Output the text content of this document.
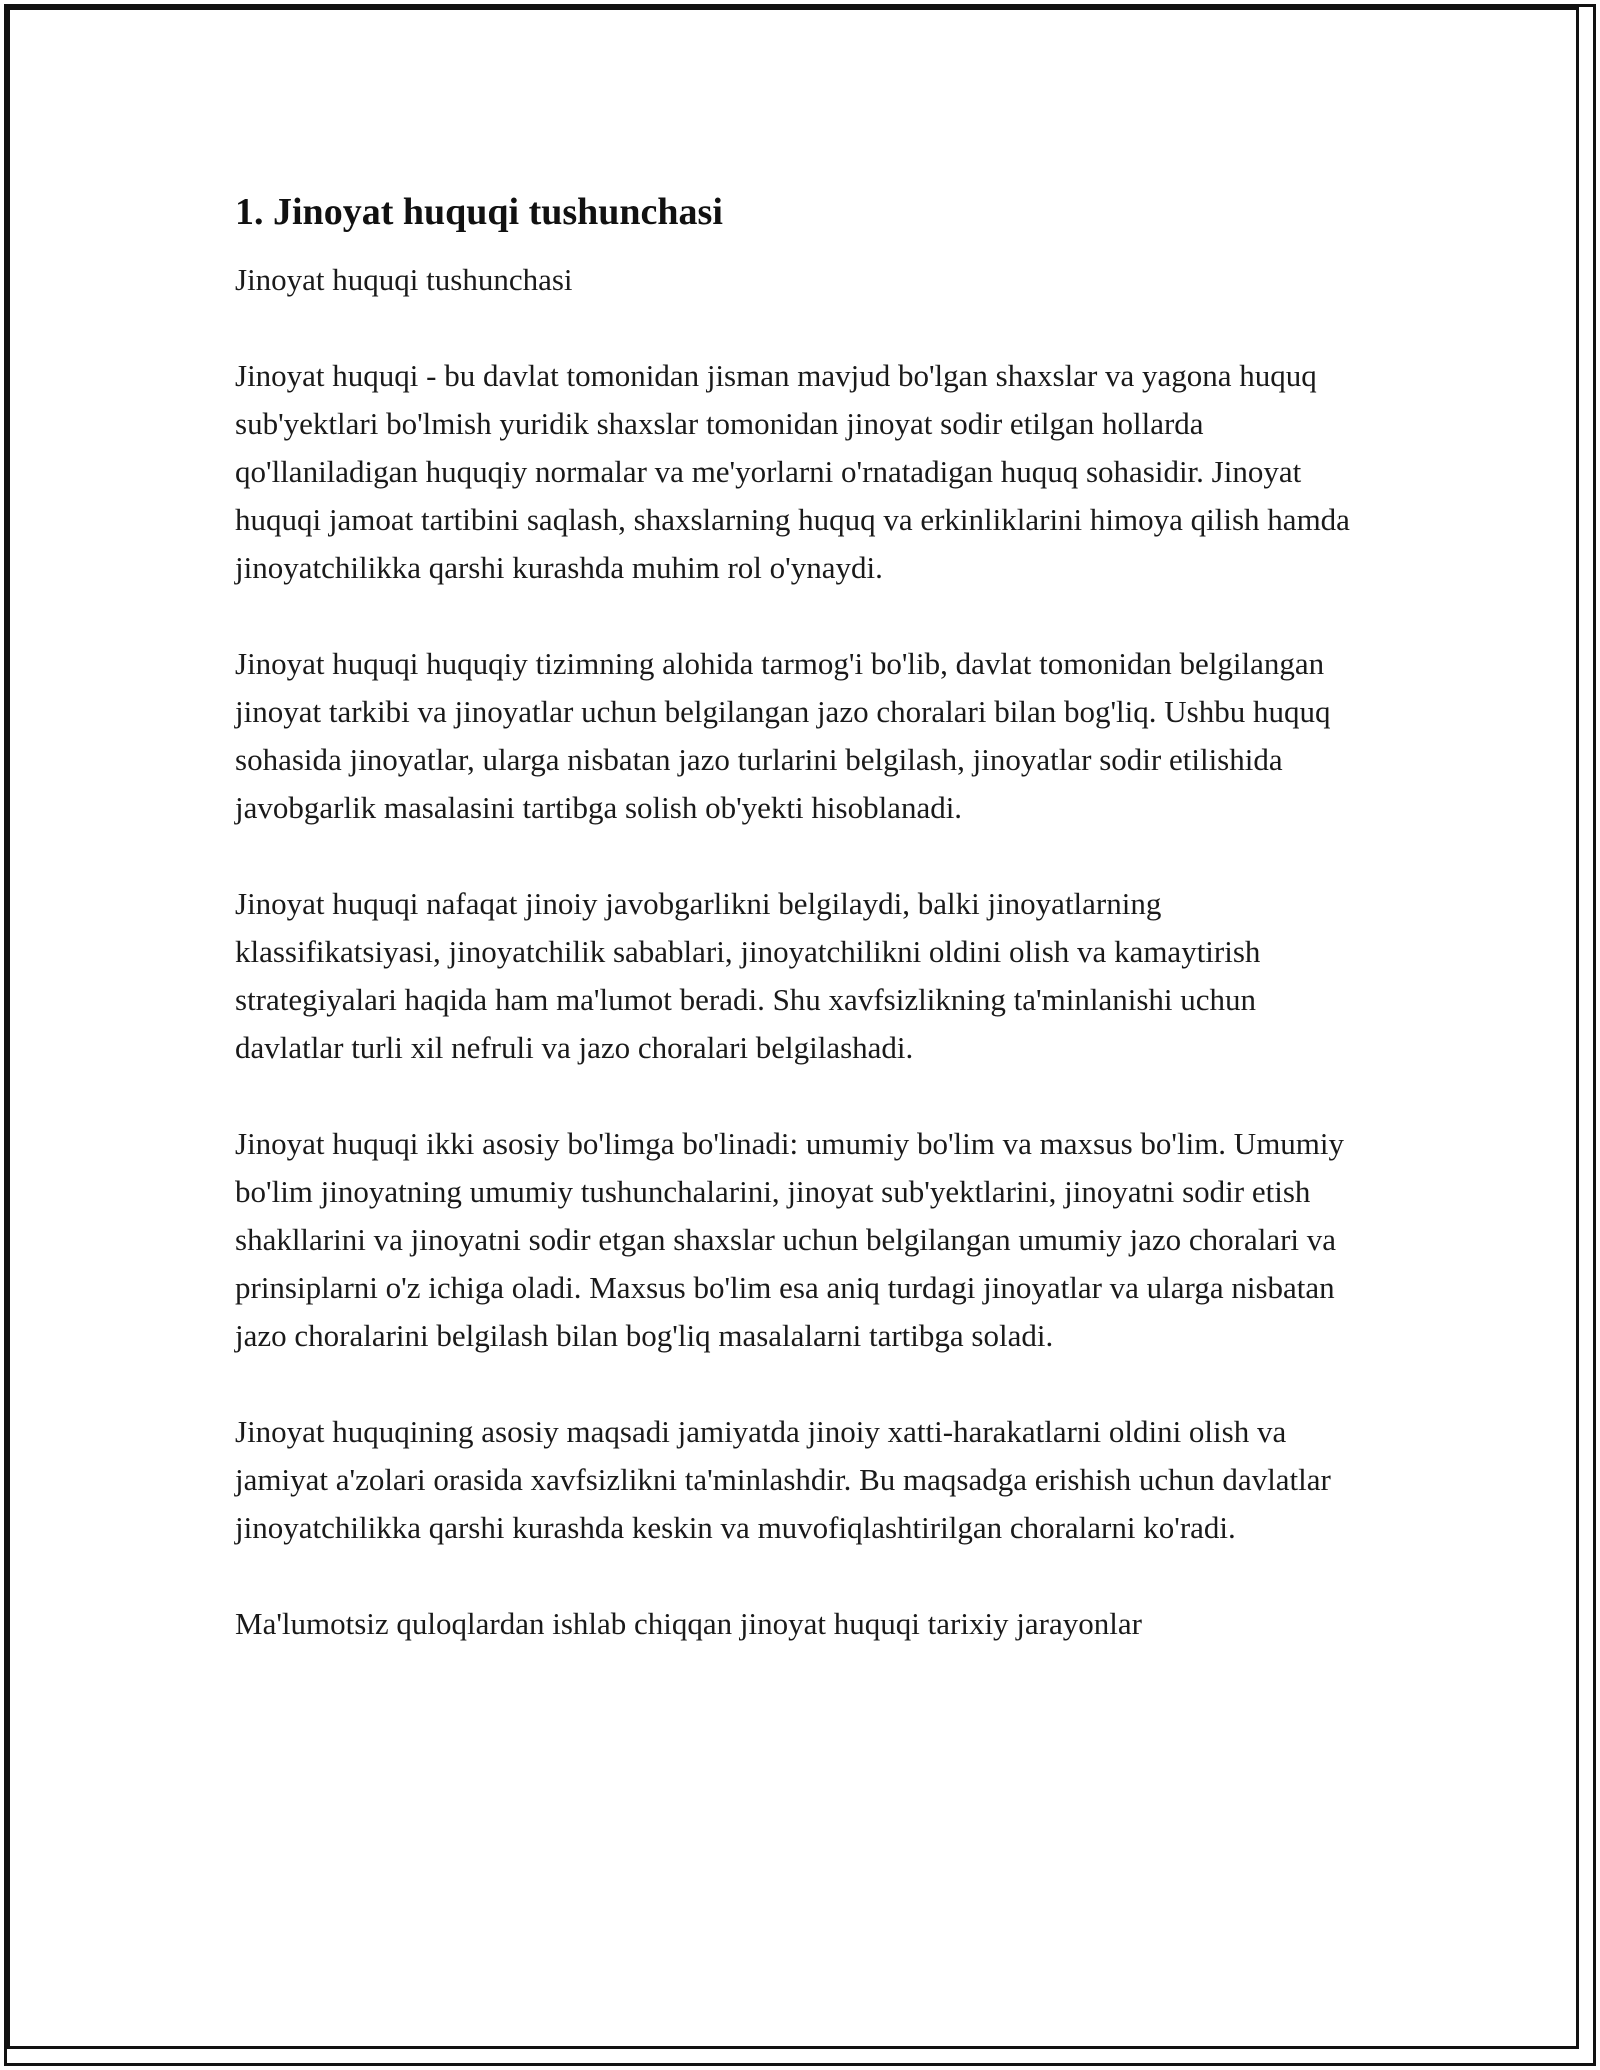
1. Jinoyat huquqi tushunchasi

Jinoyat huquqi tushunchasi

Jinoyat huquqi - bu davlat tomonidan jisman mavjud bo'lgan shaxslar va yagona huquq sub'yektlari bo'lmish yuridik shaxslar tomonidan jinoyat sodir etilgan hollarda qo'llaniladigan huquqiy normalar va me'yorlarni o'rnatadigan huquq sohasidir. Jinoyat huquqi jamoat tartibini saqlash, shaxslarning huquq va erkinliklarini himoya qilish hamda jinoyatchilikka qarshi kurashda muhim rol o'ynaydi.

Jinoyat huquqi huquqiy tizimning alohida tarmog'i bo'lib, davlat tomonidan belgilangan jinoyat tarkibi va jinoyatlar uchun belgilangan jazo choralari bilan bog'liq. Ushbu huquq sohasida jinoyatlar, ularga nisbatan jazo turlarini belgilash, jinoyatlar sodir etilishida javobgarlik masalasini tartibga solish ob'yekti hisoblanadi.

Jinoyat huquqi nafaqat jinoiy javobgarlikni belgilaydi, balki jinoyatlarning klassifikatsiyasi, jinoyatchilik sabablari, jinoyatchilikni oldini olish va kamaytirish strategiyalari haqida ham ma'lumot beradi. Shu xavfsizlikning ta'minlanishi uchun davlatlar turli xil nefruli va jazo choralari belgilashadi.

Jinoyat huquqi ikki asosiy bo'limga bo'linadi: umumiy bo'lim va maxsus bo'lim. Umumiy bo'lim jinoyatning umumiy tushunchalarini, jinoyat sub'yektlarini, jinoyatni sodir etish shakllarini va jinoyatni sodir etgan shaxslar uchun belgilangan umumiy jazo choralari va prinsiplarni o'z ichiga oladi. Maxsus bo'lim esa aniq turdagi jinoyatlar va ularga nisbatan jazo choralarini belgilash bilan bog'liq masalalarni tartibga soladi.

Jinoyat huquqining asosiy maqsadi jamiyatda jinoiy xatti-harakatlarni oldini olish va jamiyat a'zolari orasida xavfsizlikni ta'minlashdir. Bu maqsadga erishish uchun davlatlar jinoyatchilikka qarshi kurashda keskin va muvofiqlashtirilgan choralarni ko'radi.

Ma'lumotsiz quloqlardan ishlab chiqqan jinoyat huquqi tarixiy jarayonlar
